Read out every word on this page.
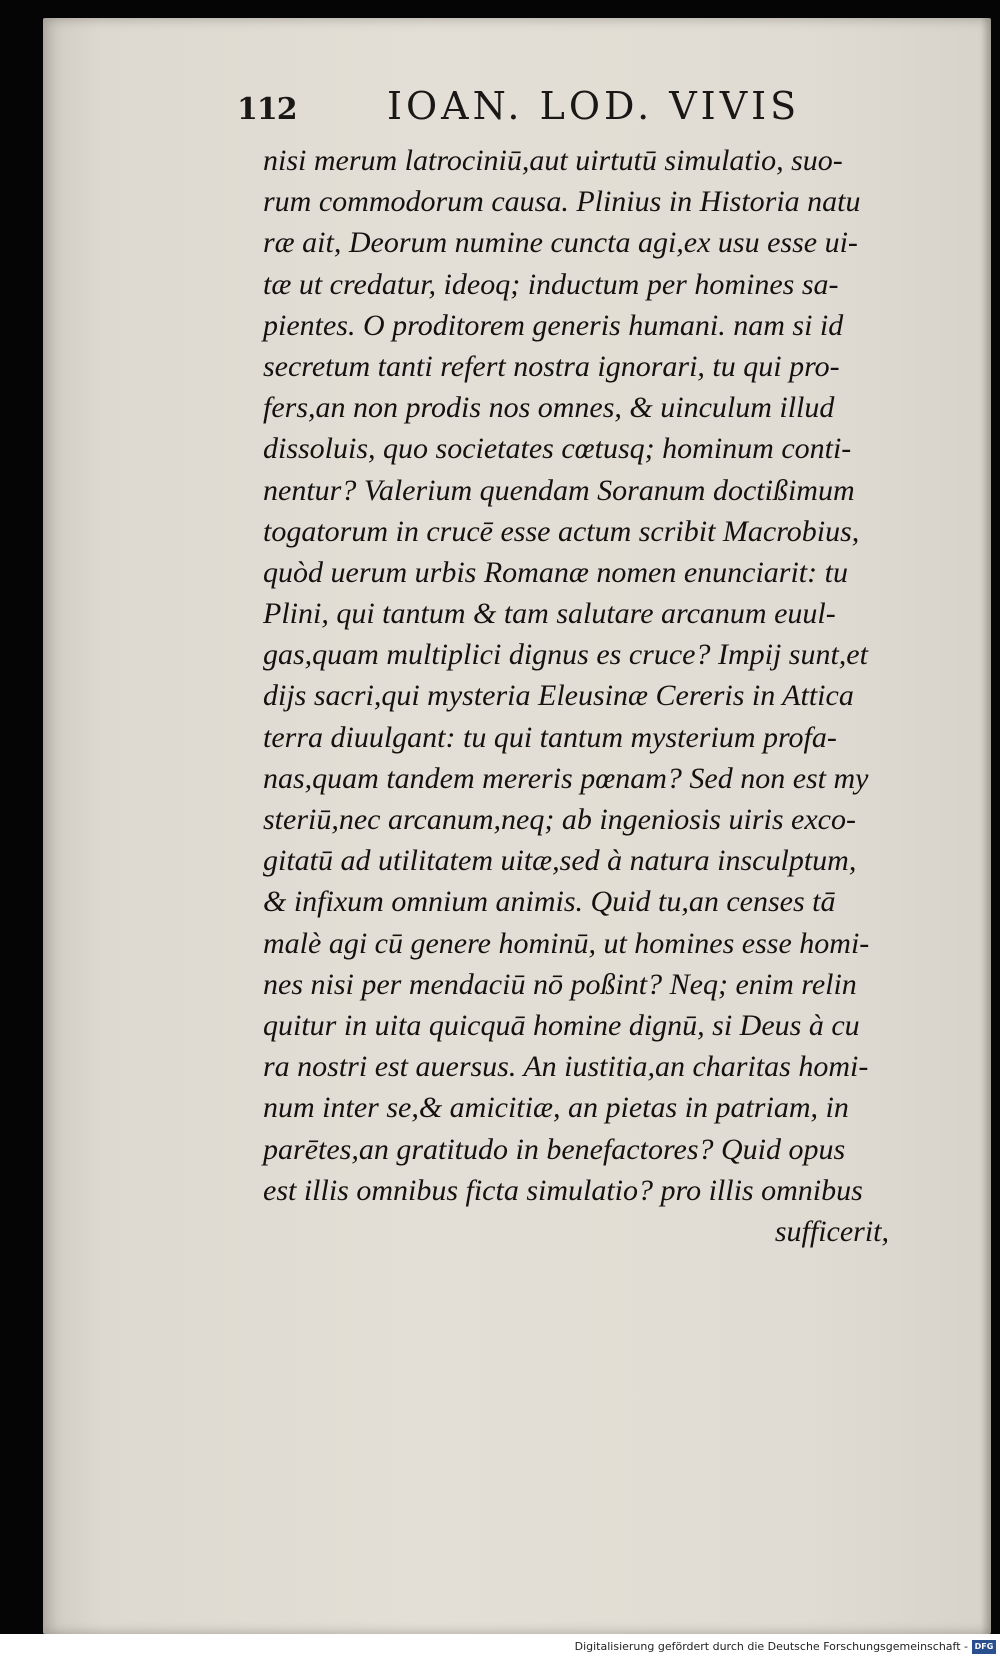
112 IOAN. LOD. VIVIS
nisi merum latrociniū,aut uirtutū simulatio, suo-
rum commodorum causa. Plinius in Historia natu
ræ ait, Deorum numine cuncta agi,ex usu esse ui-
tæ ut credatur, ideoq; inductum per homines sa-
pientes. O proditorem generis humani. nam si id
secretum tanti refert nostra ignorari, tu qui pro-
fers,an non prodis nos omnes, & uinculum illud
dissoluis, quo societates cœtusq; hominum conti-
nentur? Valerium quendam Soranum doctißimum
togatorum in crucē esse actum scribit Macrobius,
quòd uerum urbis Romanæ nomen enunciarit: tu
Plini, qui tantum & tam salutare arcanum euul-
gas,quam multiplici dignus es cruce? Impij sunt,et
dijs sacri,qui mysteria Eleusinæ Cereris in Attica
terra diuulgant: tu qui tantum mysterium profa-
nas,quam tandem mereris pœnam? Sed non est my
steriū,nec arcanum,neq; ab ingeniosis uiris exco-
gitatū ad utilitatem uitæ,sed à natura insculptum,
& infixum omnium animis. Quid tu,an censes tā
malè agi cū genere hominū, ut homines esse homi-
nes nisi per mendaciū nō poßint? Neq; enim relin
quitur in uita quicquā homine dignū, si Deus à cu
ra nostri est auersus. An iustitia,an charitas homi-
num inter se,& amicitiæ, an pietas in patriam, in
parētes,an gratitudo in benefactores? Quid opus
est illis omnibus ficta simulatio? pro illis omnibus
sufficerit,
Digitalisierung gefördert durch die Deutsche Forschungsgemeinschaft - DFG
